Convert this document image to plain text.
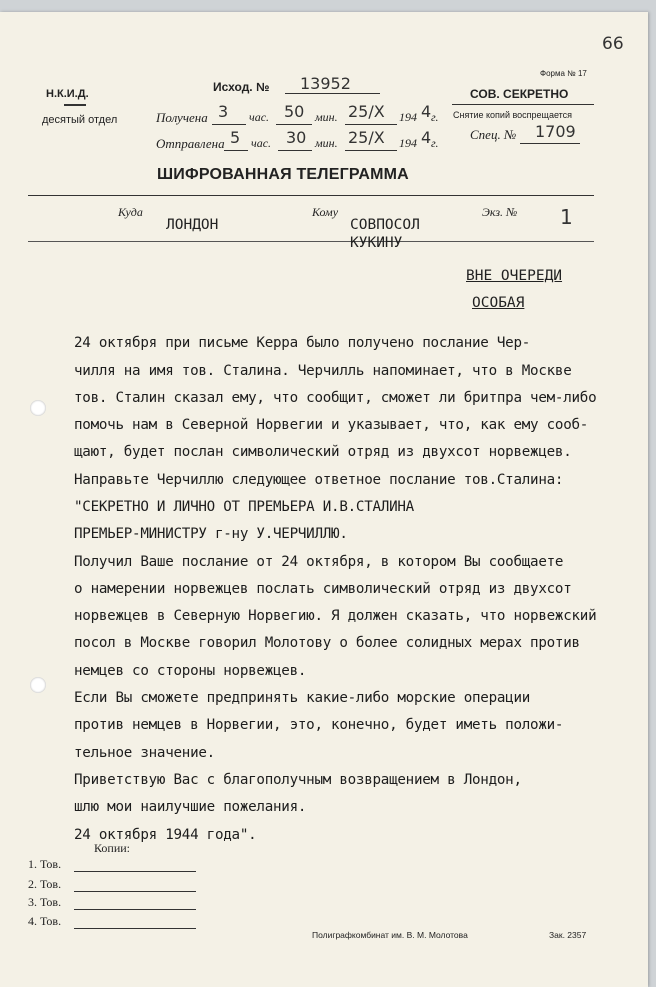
66
Н.К.И.Д.
десятый отдел
Исход. № 13952
Форма № 17
СОВ. СЕКРЕТНО
Снятие копий воспрещается
Спец. № 1709
Получена 3 час. 50 мин. 25/X 194 4 г.
Отправлена 5 час. 30 мин. 25/X 194 4 г.
ШИФРОВАННАЯ ТЕЛЕГРАММА
Куда
ЛОНДОН
Кому
СОВПОСОЛ
Экз. № 1
КУКИНУ
ВНЕ ОЧЕРЕДИ
ОСОБАЯ
24 октября при письме Керра было получено послание Чер-
чилля на имя тов. Сталина. Черчилль напоминает, что в Москве
тов. Сталин сказал ему, что сообщит, сможет ли бритпра чем-либо
помочь нам в Северной Норвегии и указывает, что, как ему сооб-
щают, будет послан символический отряд из двухсот норвежцев.
Направьте Черчиллю следующее ответное послание тов.Сталина:
"СЕКРЕТНО И ЛИЧНО ОТ ПРЕМЬЕРА И.В.СТАЛИНА
ПРЕМЬЕР-МИНИСТРУ г-ну У.ЧЕРЧИЛЛЮ.
Получил Ваше послание от 24 октября, в котором Вы сообщаете
о намерении норвежцев послать символический отряд из двухсот
норвежцев в Северную Норвегию. Я должен сказать, что норвежский
посол в Москве говорил Молотову о более солидных мерах против
немцев со стороны норвежцев.
Если Вы сможете предпринять какие-либо морские операции
против немцев в Норвегии, это, конечно, будет иметь положи-
тельное значение.
Приветствую Вас с благополучным возвращением в Лондон,
шлю мои наилучшие пожелания.
24 октября 1944 года".
Копии:
1. Тов.
2. Тов.
3. Тов.
4. Тов.
Полиграфкомбинат им. В. М. Молотова	Зак. 2357
